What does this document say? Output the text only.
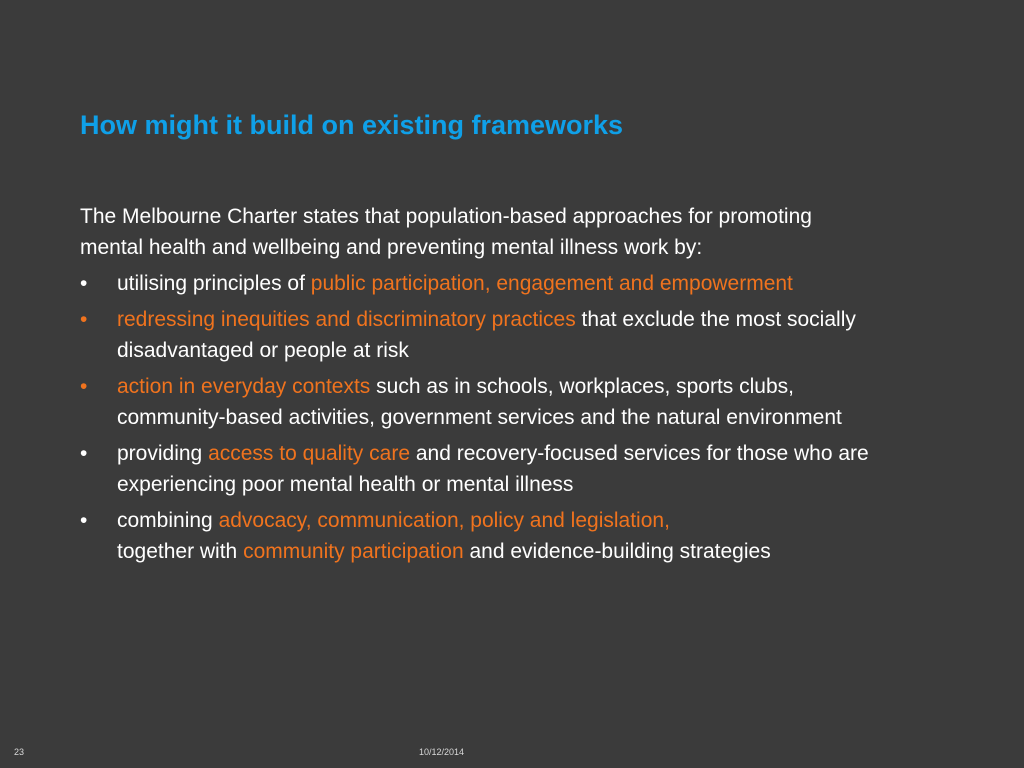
How might it build on existing frameworks

The Melbourne Charter states that population-based approaches for promoting mental health and wellbeing and preventing mental illness work by:

•	utilising principles of public participation, engagement and empowerment
•	redressing inequities and discriminatory practices that exclude the most socially disadvantaged or people at risk
•	action in everyday contexts such as in schools, workplaces, sports clubs, community-based activities, government services and the natural environment
•	providing access to quality care and recovery-focused services for those who are experiencing poor mental health or mental illness
•	combining advocacy, communication, policy and legislation,
together with community participation and evidence-building strategies
23	10/12/2014
